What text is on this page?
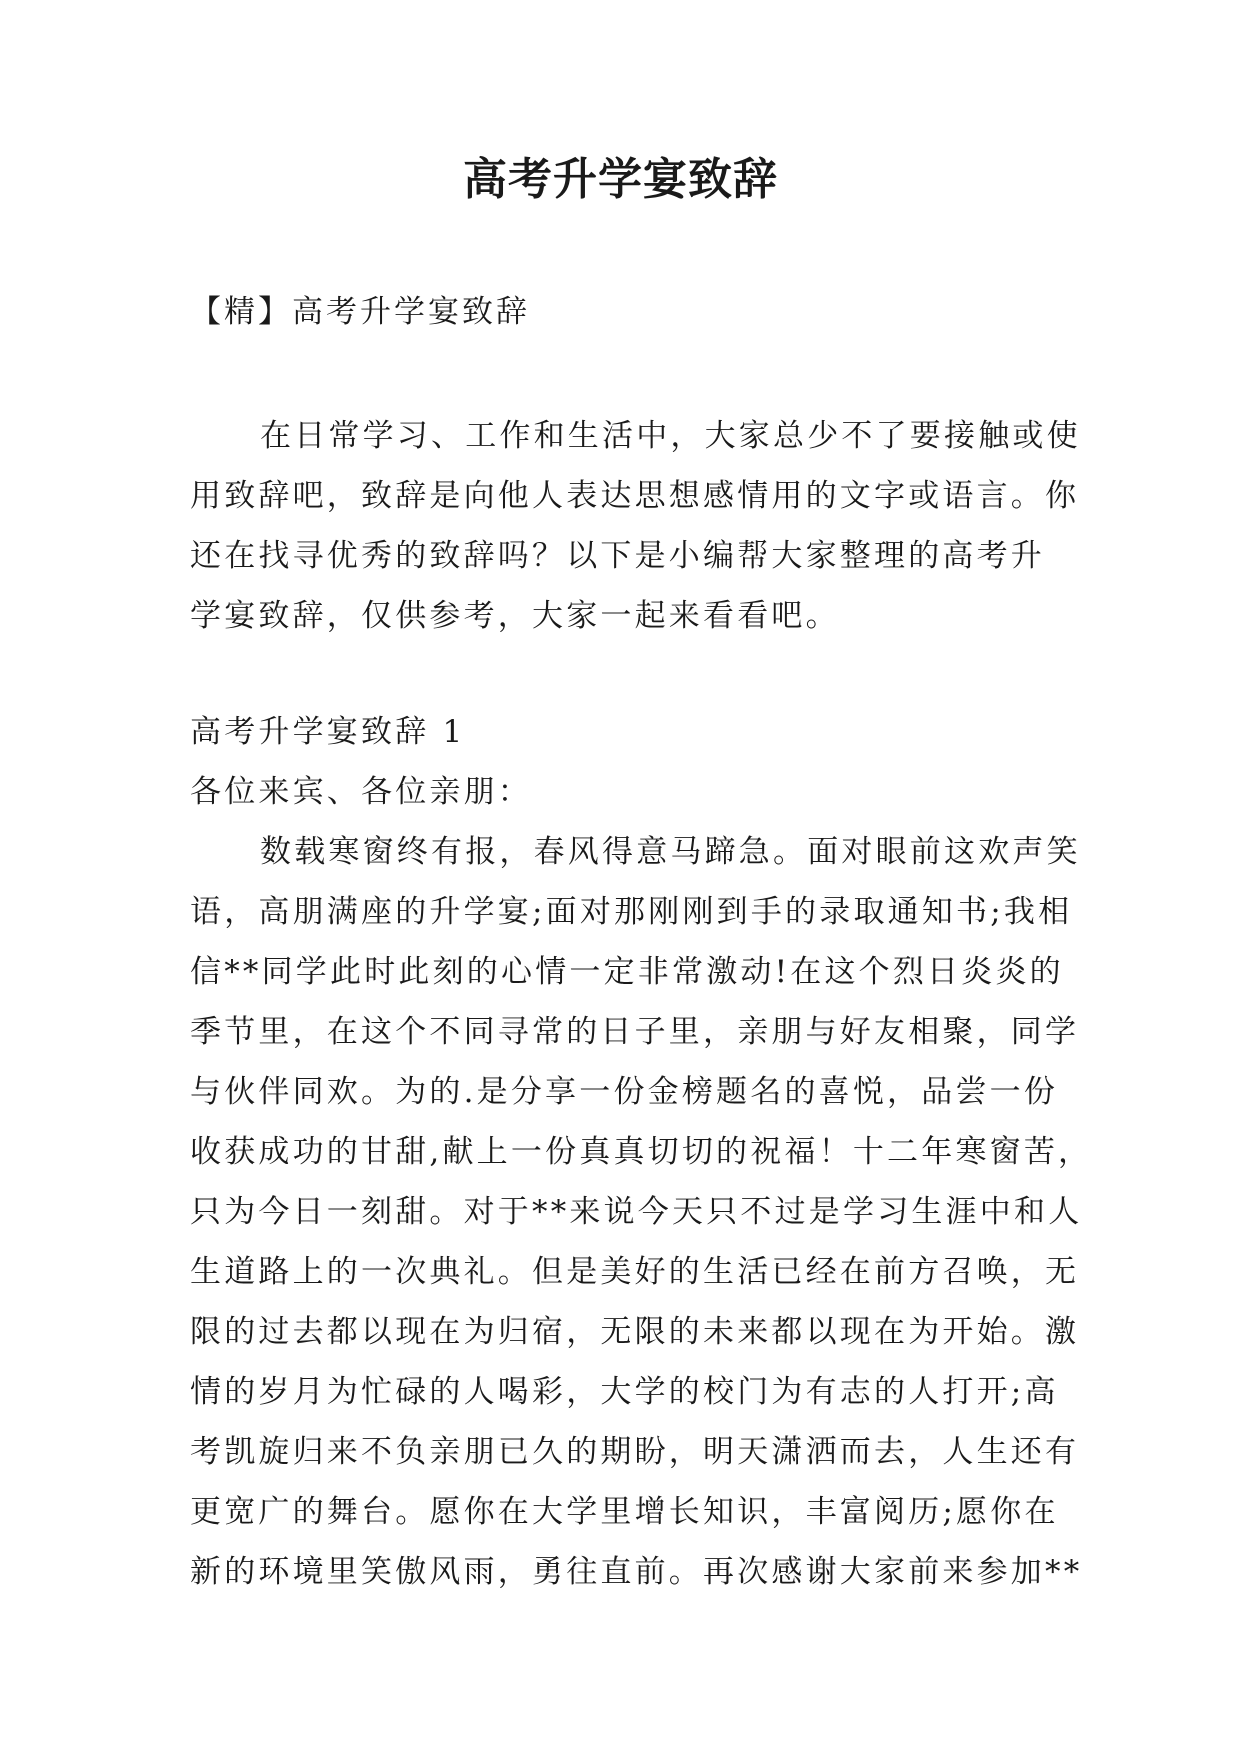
高考升学宴致辞

【精】高考升学宴致辞

在日常学习、工作和生活中，大家总少不了要接触或使
用致辞吧，致辞是向他人表达思想感情用的文字或语言。你
还在找寻优秀的致辞吗？以下是小编帮大家整理的高考升
学宴致辞，仅供参考，大家一起来看看吧。
高考升学宴致辞 1
各位来宾、各位亲朋：
数载寒窗终有报，春风得意马蹄急。面对眼前这欢声笑
语，高朋满座的升学宴;面对那刚刚到手的录取通知书;我相
信**同学此时此刻的心情一定非常激动!在这个烈日炎炎的
季节里，在这个不同寻常的日子里，亲朋与好友相聚，同学
与伙伴同欢。为的.是分享一份金榜题名的喜悦，品尝一份
收获成功的甘甜,献上一份真真切切的祝福！十二年寒窗苦，
只为今日一刻甜。对于**来说今天只不过是学习生涯中和人
生道路上的一次典礼。但是美好的生活已经在前方召唤，无
限的过去都以现在为归宿，无限的未来都以现在为开始。激
情的岁月为忙碌的人喝彩，大学的校门为有志的人打开;高
考凯旋归来不负亲朋已久的期盼，明天潇洒而去，人生还有
更宽广的舞台。愿你在大学里增长知识，丰富阅历;愿你在
新的环境里笑傲风雨，勇往直前。再次感谢大家前来参加**
